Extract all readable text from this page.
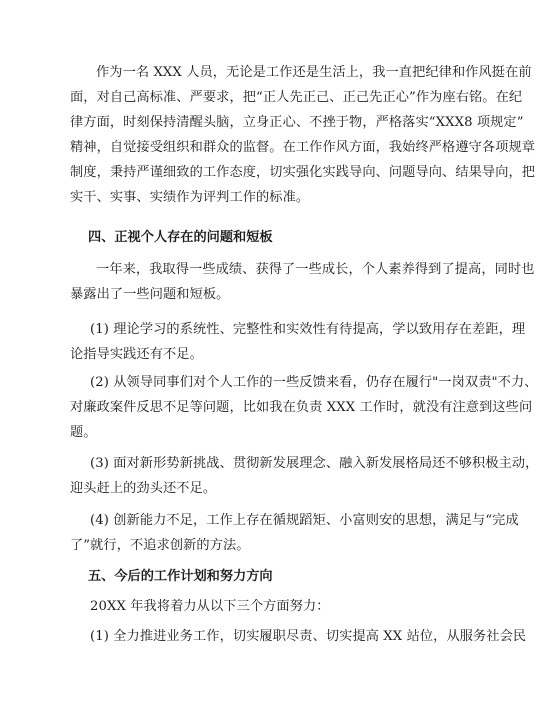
作为一名 XXX 人员，无论是工作还是生活上，我一直把纪律和作风挺在前
面，对自己高标准、严要求，把“正人先正己、正己先正心”作为座右铭。在纪
律方面，时刻保持清醒头脑，立身正心、不挫于物，严格落实“XXX8 项规定”
精神，自觉接受组织和群众的监督。在工作作风方面，我始终严格遵守各项规章
制度，秉持严谨细致的工作态度，切实强化实践导向、问题导向、结果导向，把
实干、实事、实绩作为评判工作的标准。
四、正视个人存在的问题和短板
一年来，我取得一些成绩、获得了一些成长，个人素养得到了提高，同时也
暴露出了一些问题和短板。
(1) 理论学习的系统性、完整性和实效性有待提高，学以致用存在差距，理
论指导实践还有不足。
(2) 从领导同事们对个人工作的一些反馈来看，仍存在履行"一岗双责"不力、
对廉政案件反思不足等问题，比如我在负责 XXX 工作时，就没有注意到这些问
题。
(3) 面对新形势新挑战、贯彻新发展理念、融入新发展格局还不够积极主动，
迎头赶上的劲头还不足。
(4) 创新能力不足，工作上存在循规蹈矩、小富则安的思想，满足与“完成
了”就行，不追求创新的方法。
五、今后的工作计划和努力方向
20XX 年我将着力从以下三个方面努力：
(1) 全力推进业务工作，切实履职尽责、切实提高 XX 站位，从服务社会民
